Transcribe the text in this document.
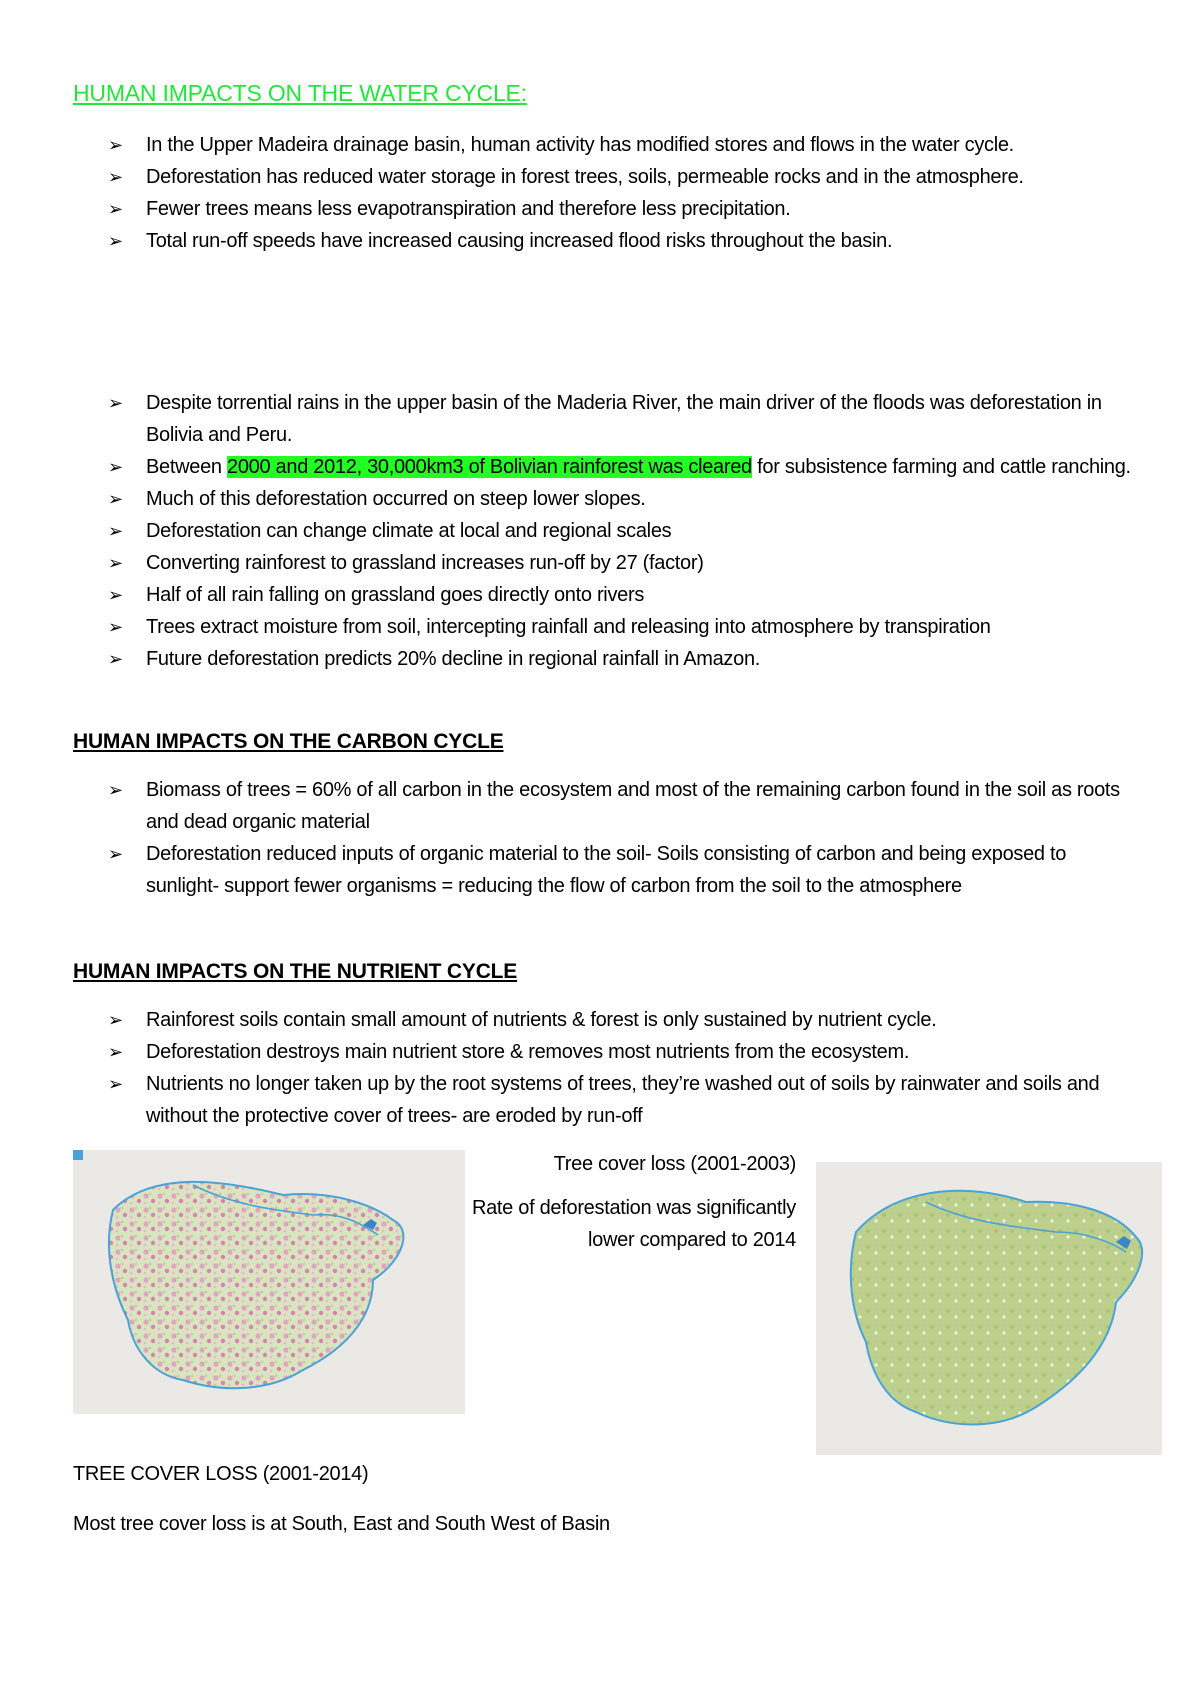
HUMAN IMPACTS ON THE WATER CYCLE:
➢ In the Upper Madeira drainage basin, human activity has modified stores and flows in the water cycle.
➢ Deforestation has reduced water storage in forest trees, soils, permeable rocks and in the atmosphere.
➢ Fewer trees means less evapotranspiration and therefore less precipitation.
➢ Total run-off speeds have increased causing increased flood risks throughout the basin.
➢ Despite torrential rains in the upper basin of the Maderia River, the main driver of the floods was deforestation in Bolivia and Peru.
➢ Between 2000 and 2012, 30,000km3 of Bolivian rainforest was cleared for subsistence farming and cattle ranching.
➢ Much of this deforestation occurred on steep lower slopes.
➢ Deforestation can change climate at local and regional scales
➢ Converting rainforest to grassland increases run-off by 27 (factor)
➢ Half of all rain falling on grassland goes directly onto rivers
➢ Trees extract moisture from soil, intercepting rainfall and releasing into atmosphere by transpiration
➢ Future deforestation predicts 20% decline in regional rainfall in Amazon.
HUMAN IMPACTS ON THE CARBON CYCLE
➢ Biomass of trees = 60% of all carbon in the ecosystem and most of the remaining carbon found in the soil as roots and dead organic material
➢ Deforestation reduced inputs of organic material to the soil- Soils consisting of carbon and being exposed to sunlight- support fewer organisms = reducing the flow of carbon from the soil to the atmosphere
HUMAN IMPACTS ON THE NUTRIENT CYCLE
➢ Rainforest soils contain small amount of nutrients & forest is only sustained by nutrient cycle.
➢ Deforestation destroys main nutrient store & removes most nutrients from the ecosystem.
➢ Nutrients no longer taken up by the root systems of trees, they’re washed out of soils by rainwater and soils and without the protective cover of trees- are eroded by run-off
Tree cover loss (2001-2003)
Rate of deforestation was significantly lower compared to 2014
TREE COVER LOSS (2001-2014)
Most tree cover loss is at South, East and South West of Basin
